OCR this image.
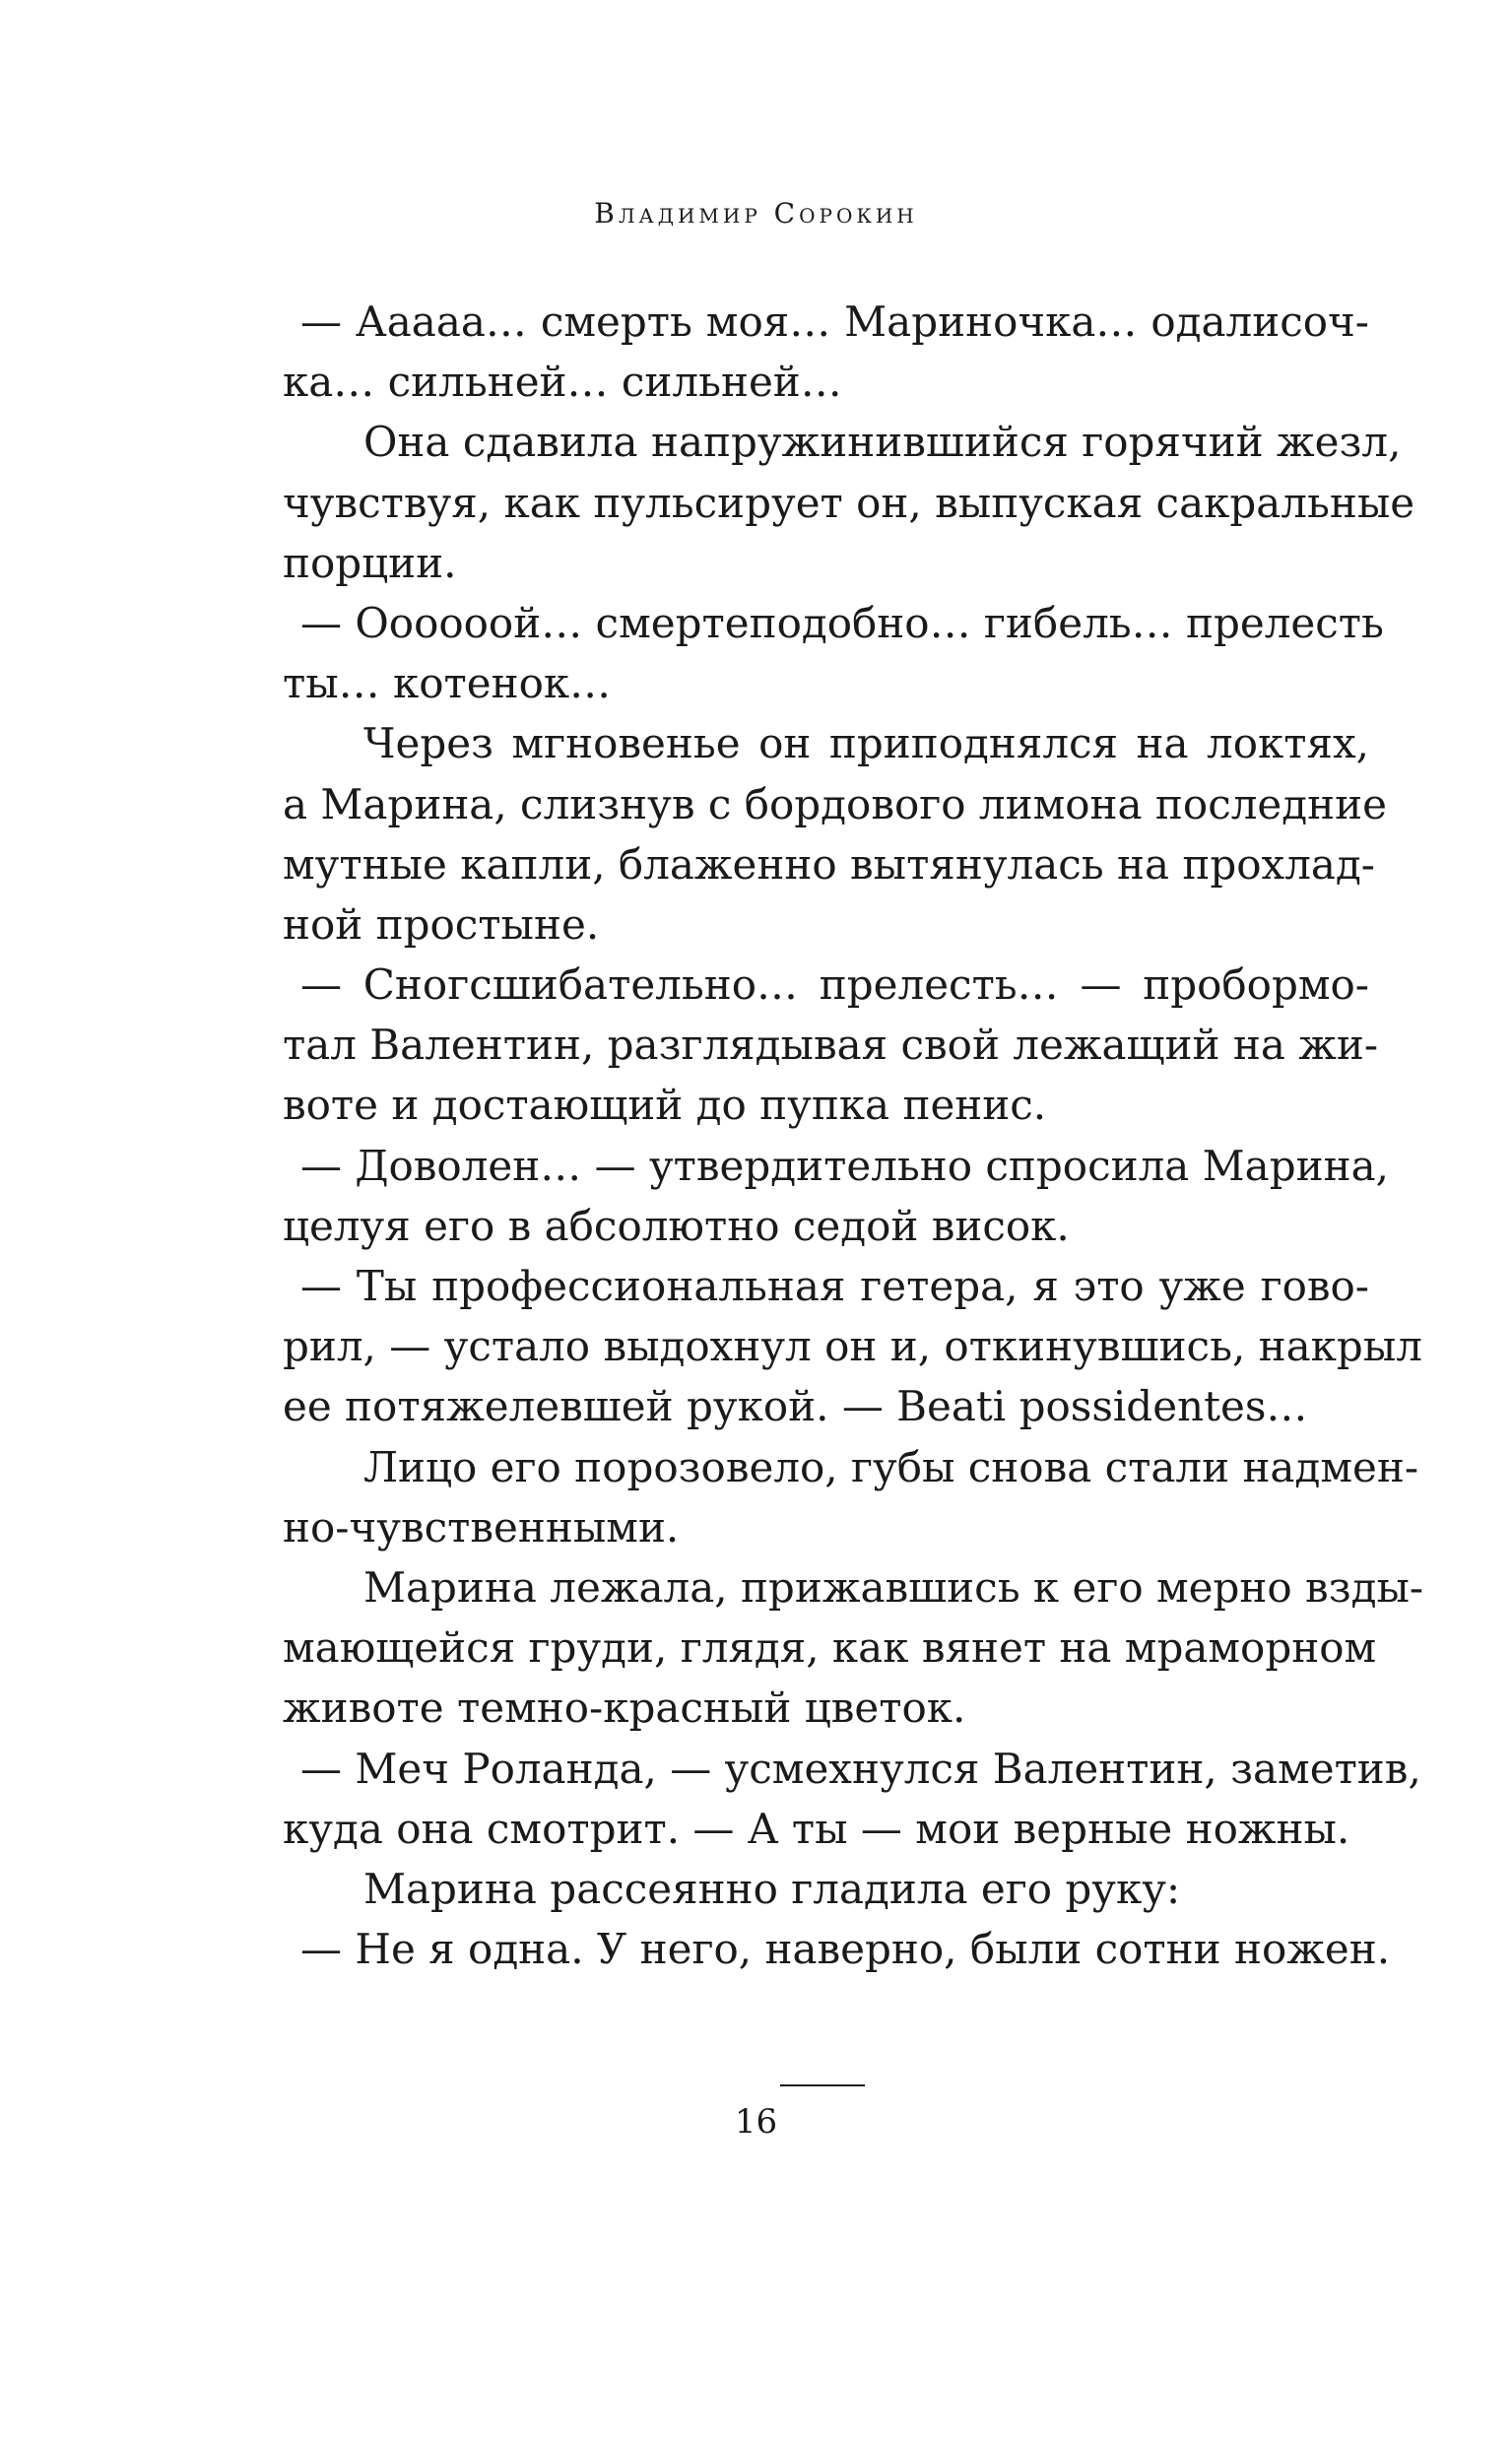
Владимир Сорокин
— Ааааа… смерть моя… Мариночка… одалисоч-
ка… сильней… сильней…
Она сдавила напружинившийся горячий жезл,
чувствуя, как пульсирует он, выпуская сакральные
порции.
— Оооооой… смертеподобно… гибель… прелесть
ты… котенок…
Через мгновенье он приподнялся на локтях,
а Марина, слизнув с бордового лимона последние
мутные капли, блаженно вытянулась на прохлад-
ной простыне.
— Сногсшибательно… прелесть… — пробормо-
тал Валентин, разглядывая свой лежащий на жи-
воте и достающий до пупка пенис.
— Доволен… — утвердительно спросила Марина,
целуя его в абсолютно седой висок.
— Ты профессиональная гетера, я это уже гово-
рил, — устало выдохнул он и, откинувшись, накрыл
ее потяжелевшей рукой. — Beati possidentes…
Лицо его порозовело, губы снова стали надмен-
но-чувственными.
Марина лежала, прижавшись к его мерно взды-
мающейся груди, глядя, как вянет на мраморном
животе темно-красный цветок.
— Меч Роланда, — усмехнулся Валентин, заметив,
куда она смотрит. — А ты — мои верные ножны.
Марина рассеянно гладила его руку:
— Не я одна. У него, наверно, были сотни ножен.
16
